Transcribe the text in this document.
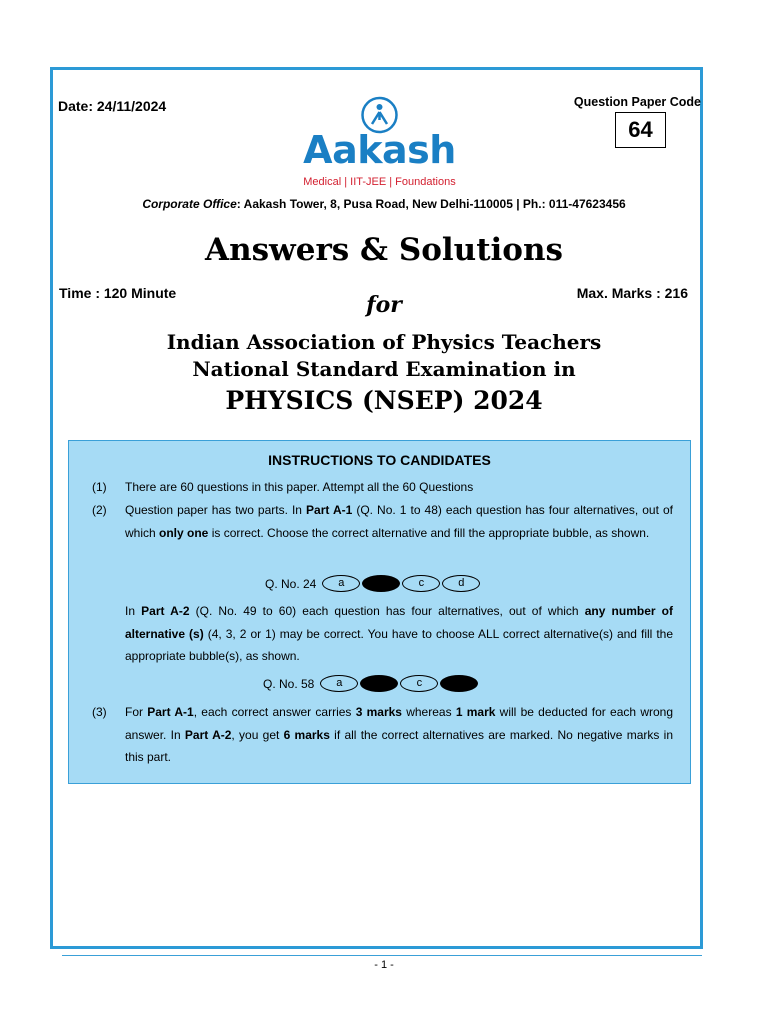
Date: 24/11/2024	Question Paper Code
64
Aakash
Medical | IIT-JEE | Foundations
Corporate Office: Aakash Tower, 8, Pusa Road, New Delhi-110005 | Ph.: 011-47623456
Answers & Solutions
Time : 120 Minute	Max. Marks : 216
for
Indian Association of Physics Teachers
National Standard Examination in
PHYSICS (NSEP) 2024
INSTRUCTIONS TO CANDIDATES
(1) There are 60 questions in this paper. Attempt all the 60 Questions
(2) Question paper has two parts. In Part A-1 (Q. No. 1 to 48) each question has four alternatives, out of which only one is correct. Choose the correct alternative and fill the appropriate bubble, as shown.
Q. No. 24	a	c	d
In Part A-2 (Q. No. 49 to 60) each question has four alternatives, out of which any number of alternative (s) (4, 3, 2 or 1) may be correct. You have to choose ALL correct alternative(s) and fill the appropriate bubble(s), as shown.
Q. No. 58	a	c
(3) For Part A-1, each correct answer carries 3 marks whereas 1 mark will be deducted for each wrong answer. In Part A-2, you get 6 marks if all the correct alternatives are marked. No negative marks in this part.
- 1 -
